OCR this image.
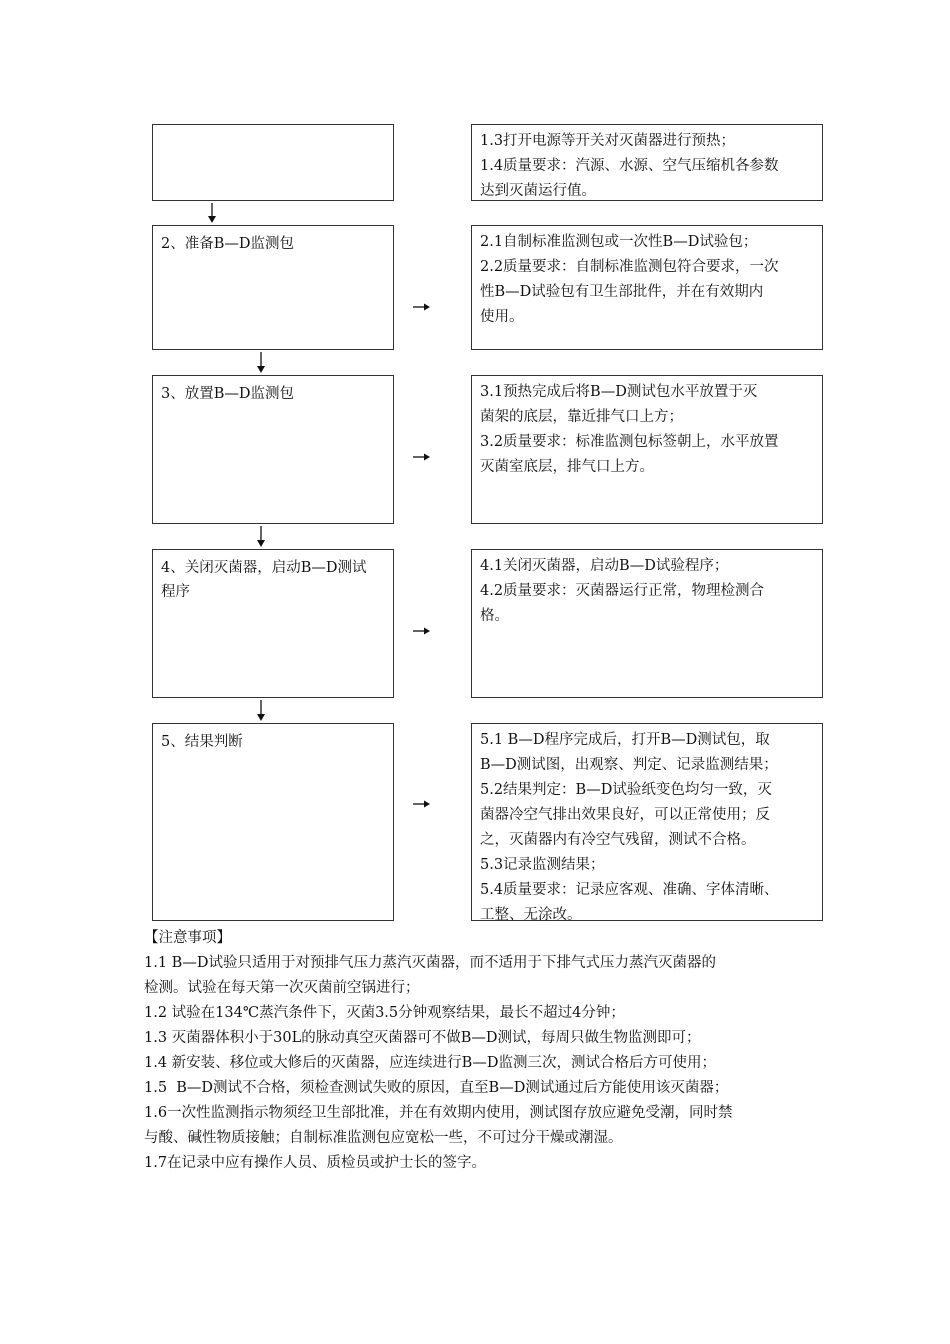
1.3打开电源等开关对灭菌器进行预热；
1.4质量要求：汽源、水源、空气压缩机各参数
达到灭菌运行值。
2、准备B—D监测包	2.1自制标准监测包或一次性B—D试验包；
2.2质量要求：自制标准监测包符合要求，一次
性B—D试验包有卫生部批件，并在有效期内
使用。
3、放置B—D监测包	3.1预热完成后将B—D测试包水平放置于灭
菌架的底层，靠近排气口上方；
3.2质量要求：标准监测包标签朝上，水平放置
灭菌室底层，排气口上方。
4、关闭灭菌器，启动B—D测试
程序
4.1关闭灭菌器，启动B—D试验程序；
4.2质量要求：灭菌器运行正常，物理检测合
格。
5、结果判断	5.1 B—D程序完成后，打开B—D测试包，取
B—D测试图，出观察、判定、记录监测结果；
5.2结果判定：B—D试验纸变色均匀一致，灭
菌器冷空气排出效果良好，可以正常使用；反
之，灭菌器内有冷空气残留，测试不合格。
5.3记录监测结果；
5.4质量要求：记录应客观、准确、字体清晰、
工整、无涂改。
【注意事项】
1.1 B—D试验只适用于对预排气压力蒸汽灭菌器，而不适用于下排气式压力蒸汽灭菌器的
检测。试验在每天第一次灭菌前空锅进行；
1.2 试验在134℃蒸汽条件下，灭菌3.5分钟观察结果，最长不超过4分钟；
1.3 灭菌器体积小于30L的脉动真空灭菌器可不做B—D测试，每周只做生物监测即可；
1.4 新安装、移位或大修后的灭菌器，应连续进行B—D监测三次，测试合格后方可使用；
1.5  B—D测试不合格，须检查测试失败的原因，直至B—D测试通过后方能使用该灭菌器；
1.6一次性监测指示物须经卫生部批准，并在有效期内使用，测试图存放应避免受潮，同时禁
与酸、碱性物质接触；自制标准监测包应宽松一些，不可过分干燥或潮湿。
1.7在记录中应有操作人员、质检员或护士长的签字。
